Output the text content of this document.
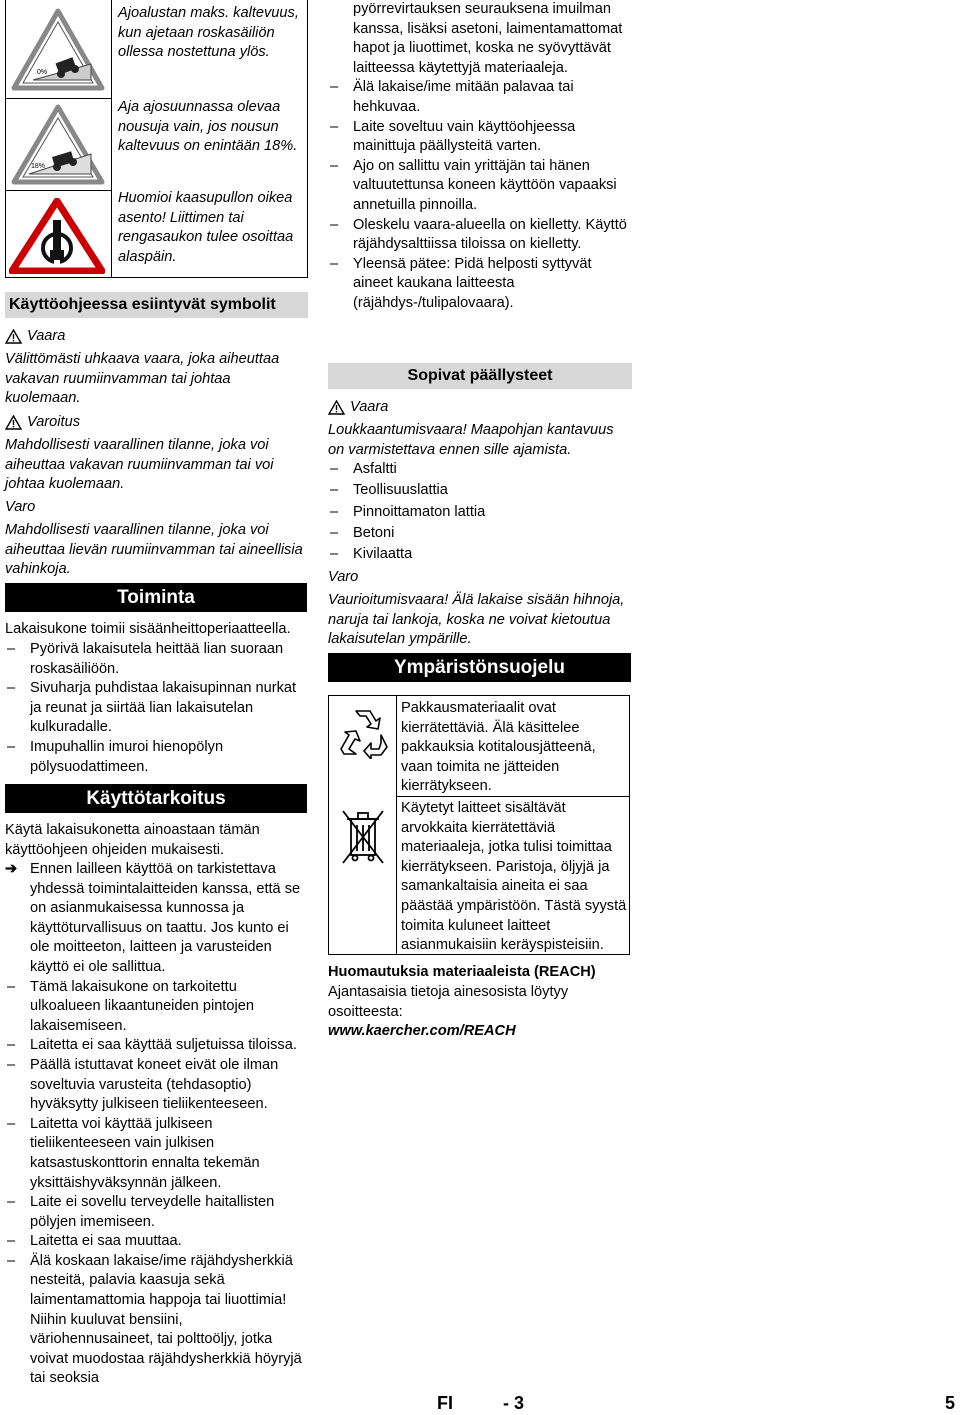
0%
18%
Ajoalustan maks. kaltevuus, kun ajetaan roskasäiliön ollessa nostettuna ylös.
Aja ajosuunnassa olevaa nousuja vain, jos nousun kaltevuus on enintään 18%.
Huomioi kaasupullon oikea asento! Liittimen tai rengasaukon tulee osoittaa alaspäin.
Käyttöohjeessa esiintyvät symbolit
Vaara
Välittömästi uhkaava vaara, joka aiheuttaa vakavan ruumiinvamman tai johtaa kuolemaan.
Varoitus
Mahdollisesti vaarallinen tilanne, joka voi aiheuttaa vakavan ruumiinvamman tai voi johtaa kuolemaan.
Varo
Mahdollisesti vaarallinen tilanne, joka voi aiheuttaa lievän ruumiinvamman tai aineellisia vahinkoja.
Toiminta
Lakaisukone toimii sisäänheittoperiaatteella.
– Pyörivä lakaisutela heittää lian suoraan roskasäiliöön.
– Sivuharja puhdistaa lakaisupinnan nurkat ja reunat ja siirtää lian lakaisutelan kulkuradalle.
– Imupuhallin imuroi hienopölyn pölysuodattimeen.
Käyttötarkoitus
Käytä lakaisukonetta ainoastaan tämän käyttöohjeen ohjeiden mukaisesti.
➔ Ennen lailleen käyttöä on tarkistettava yhdessä toimintalaitteiden kanssa, että se on asianmukaisessa kunnossa ja käyttöturvallisuus on taattu. Jos kunto ei ole moitteeton, laitteen ja varusteiden käyttö ei ole sallittua.
– Tämä lakaisukone on tarkoitettu ulkoalueen likaantuneiden pintojen lakaisemiseen.
– Laitetta ei saa käyttää suljetuissa tiloissa.
– Päällä istuttavat koneet eivät ole ilman soveltuvia varusteita (tehdasoptio) hyväksytty julkiseen tieliikenteeseen.
– Laitetta voi käyttää julkiseen tieliikenteeseen vain julkisen katsastuskonttorin ennalta tekemän yksittäishyväksynnän jälkeen.
– Laite ei sovellu terveydelle haitallisten pölyjen imemiseen.
– Laitetta ei saa muuttaa.
– Älä koskaan lakaise/ime räjähdysherkkiä nesteitä, palavia kaasuja sekä laimentamattomia happoja tai liuottimia! Niihin kuuluvat bensiini, väriohennusaineet, tai polttoöljy, jotka voivat muodostaa räjähdysherkkiä höyryjä tai seoksia
pyörrevirtauksen seurauksena imuilman kanssa, lisäksi asetoni, laimentamattomat hapot ja liuottimet, koska ne syövyttävät laitteessa käytettyjä materiaaleja.
– Älä lakaise/ime mitään palavaa tai hehkuvaa.
– Laite soveltuu vain käyttöohjeessa mainittuja päällysteitä varten.
– Ajo on sallittu vain yrittäjän tai hänen valtuutettunsa koneen käyttöön vapaaksi annetuilla pinnoilla.
– Oleskelu vaara-alueella on kielletty. Käyttö räjähdysalttiissa tiloissa on kielletty.
– Yleensä pätee: Pidä helposti syttyvät aineet kaukana laitteesta (räjähdys-/tulipalovaara).
Sopivat päällysteet
Vaara
Loukkaantumisvaara! Maapohjan kantavuus on varmistettava ennen sille ajamista.
– Asfaltti
– Teollisuuslattia
– Pinnoittamaton lattia
– Betoni
– Kivilaatta
Varo
Vaurioitumisvaara! Älä lakaise sisään hihnoja, naruja tai lankoja, koska ne voivat kietoutua lakaisutelan ympärille.
Ympäristönsuojelu
Pakkausmateriaalit ovat kierrätettäviä. Älä käsittelee pakkauksia kotitalousjätteenä, vaan toimita ne jätteiden kierrätykseen.
Käytetyt laitteet sisältävät arvokkaita kierrätettäviä materiaaleja, jotka tulisi toimittaa kierrätykseen. Paristoja, öljyjä ja samankaltaisia aineita ei saa päästää ympäristöön. Tästä syystä toimita kuluneet laitteet asianmukaisiin keräyspisteisiin.
Huomautuksia materiaaleista (REACH)
Ajantasaisia tietoja ainesosista löytyy osoitteesta:
www.kaercher.com/REACH
FI	- 3	5
